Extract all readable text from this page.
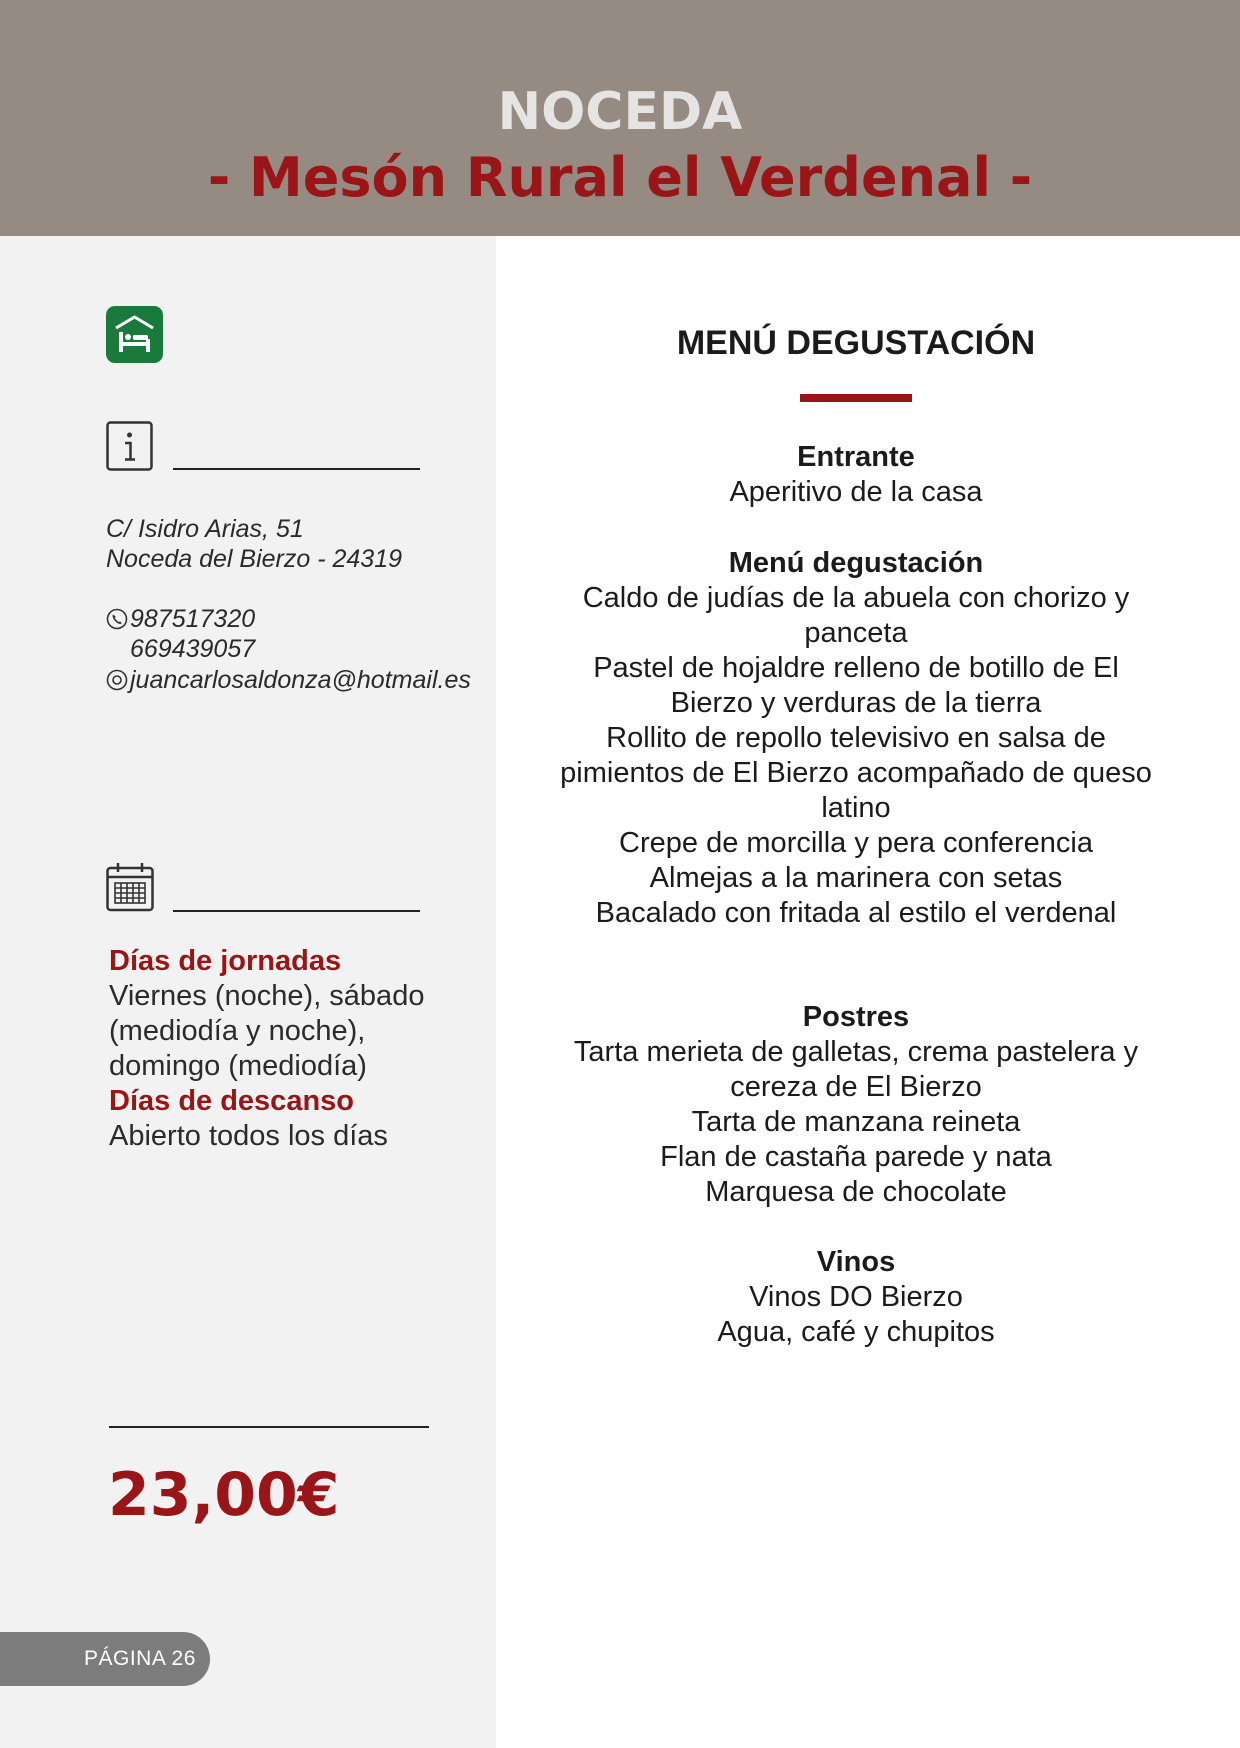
NOCEDA
- Mesón Rural el Verdenal -
C/ Isidro Arias, 51
Noceda del Bierzo - 24319
987517320
669439057
juancarlosaldonza@hotmail.es
Días de jornadas
Viernes (noche), sábado (mediodía y noche), domingo (mediodía)
Días de descanso
Abierto todos los días
23,00€
PÁGINA 26
MENÚ DEGUSTACIÓN
Entrante
Aperitivo de la casa
Menú degustación
Caldo de judías de la abuela con chorizo y panceta
Pastel de hojaldre relleno de botillo de El Bierzo y verduras de la tierra
Rollito de repollo televisivo en salsa de pimientos de El Bierzo acompañado de queso latino
Crepe de morcilla y pera conferencia
Almejas a la marinera con setas
Bacalado con fritada al estilo el verdenal
Postres
Tarta merieta de galletas, crema pastelera y cereza de El Bierzo
Tarta de manzana reineta
Flan de castaña parede y nata
Marquesa de chocolate
Vinos
Vinos DO Bierzo
Agua, café y chupitos
